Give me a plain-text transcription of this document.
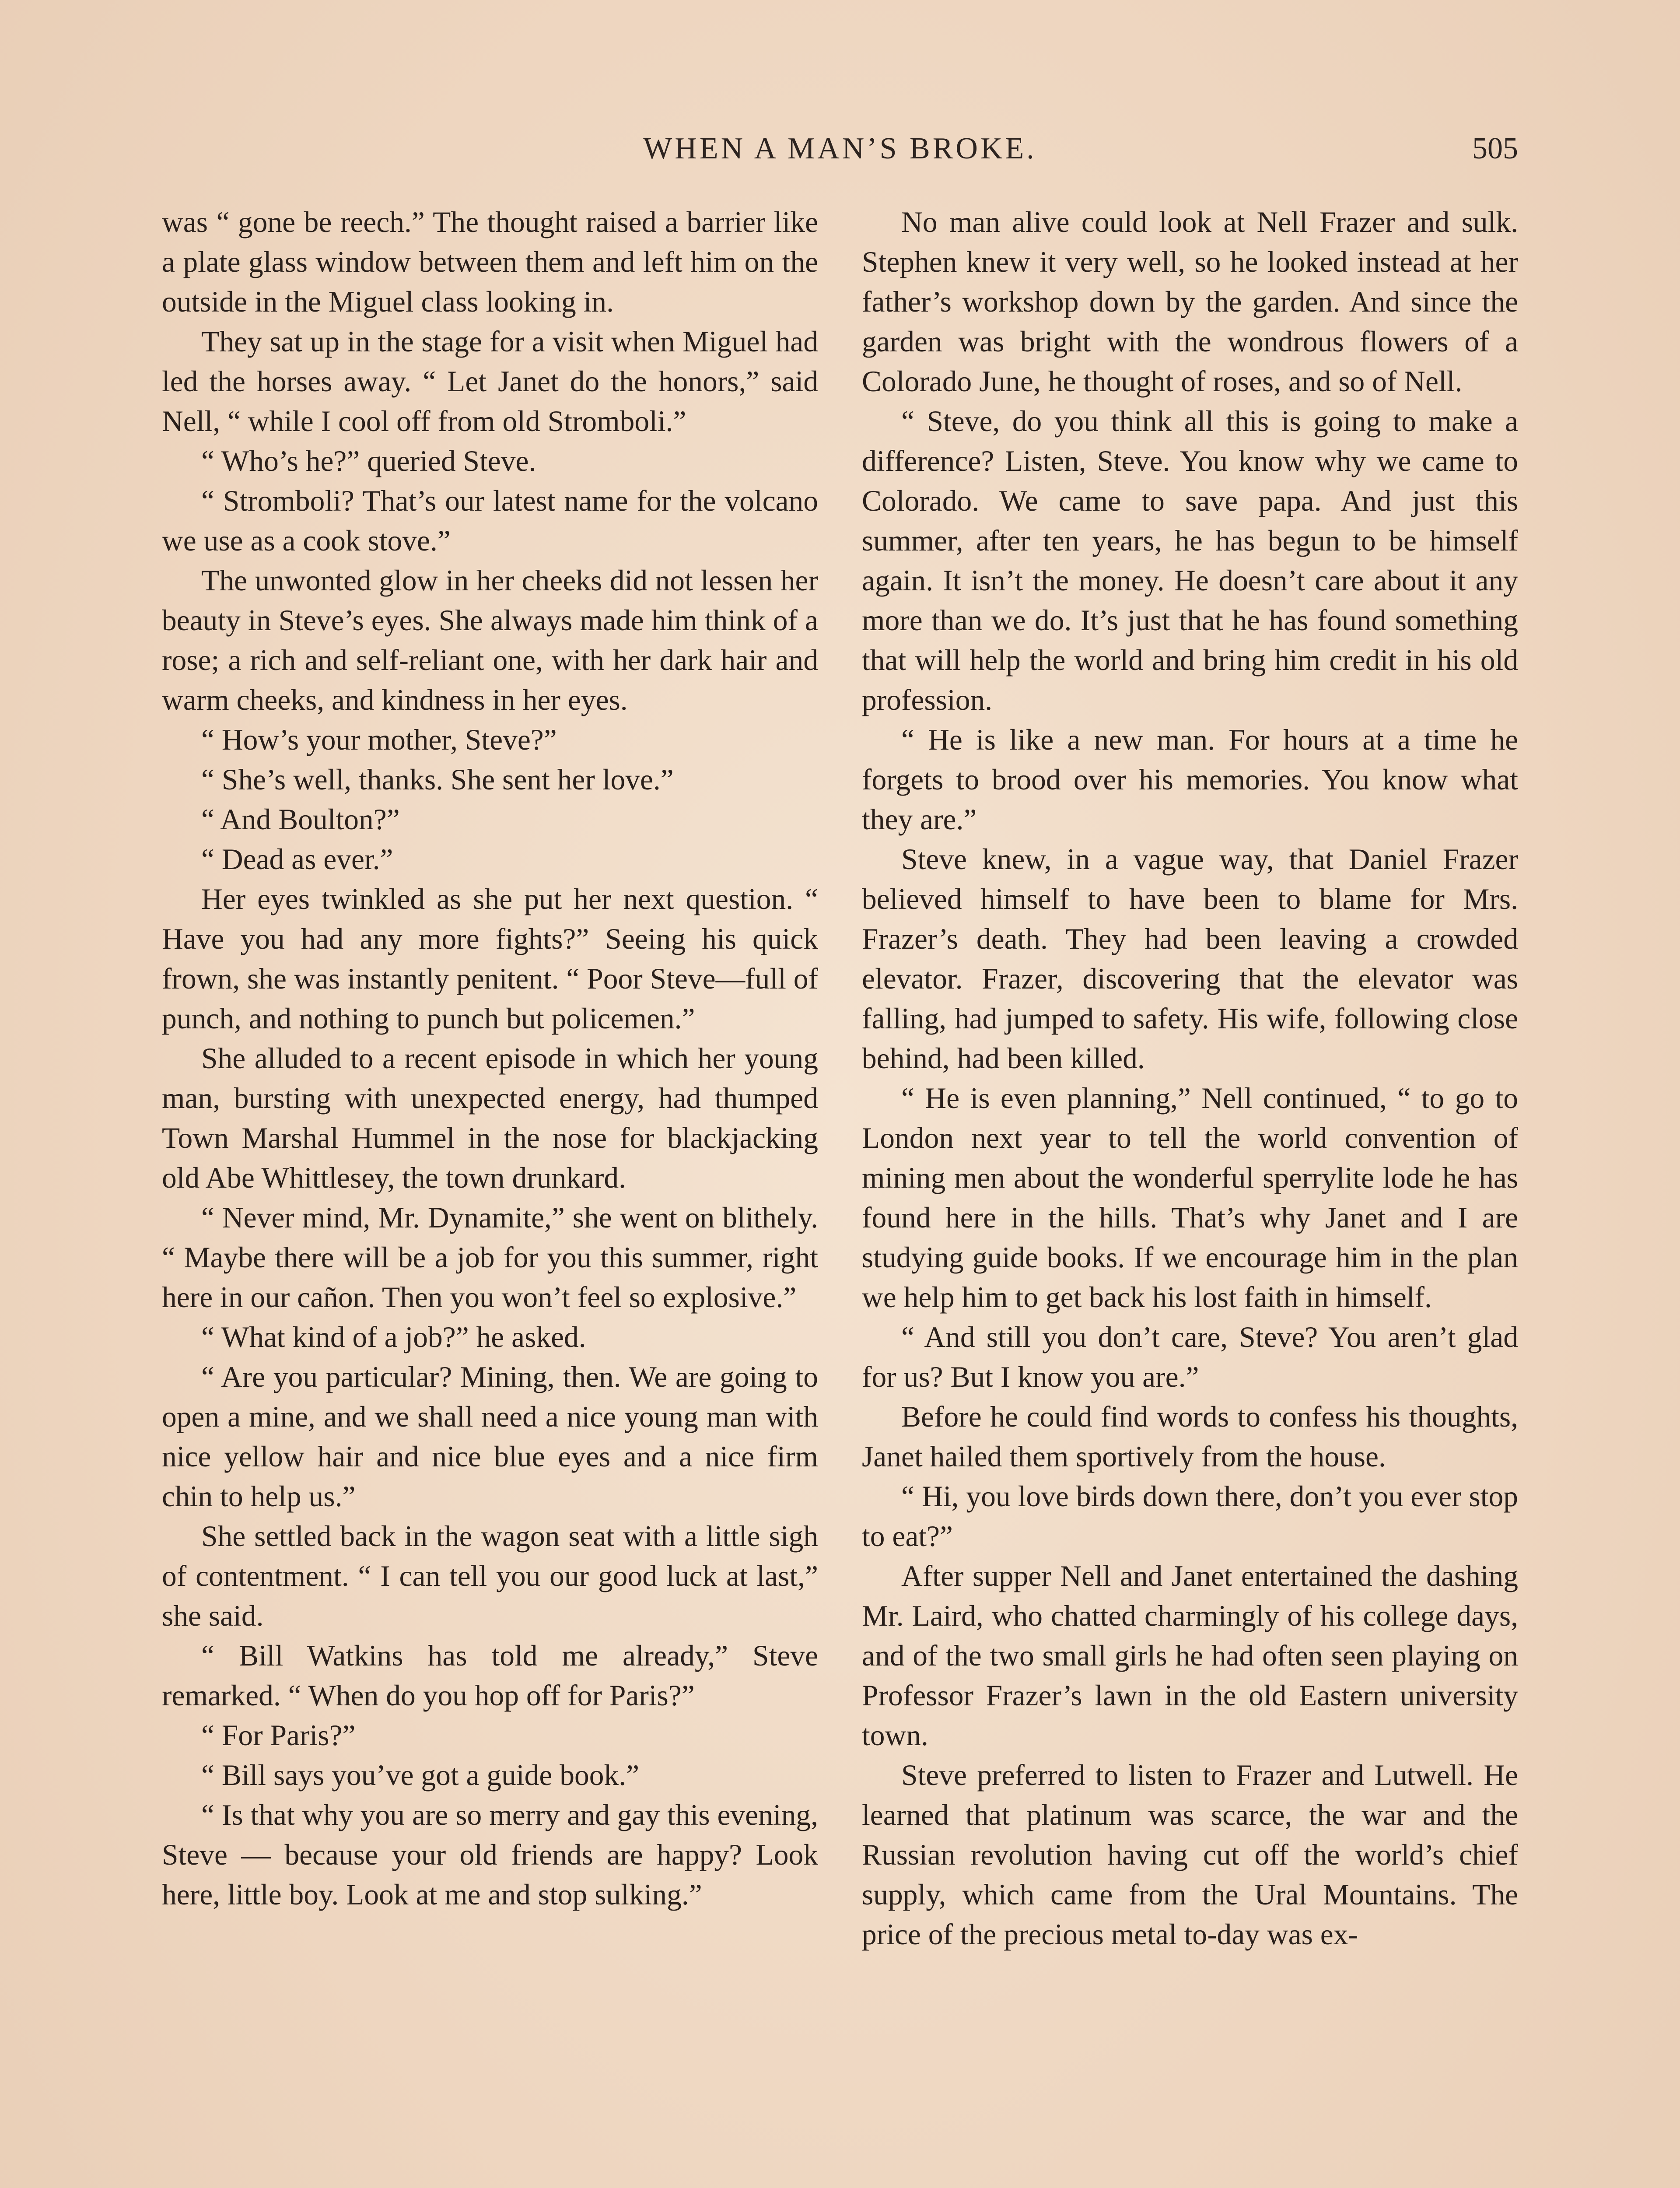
WHEN A MAN’S BROKE.	505

was “ gone be reech.” The thought raised a barrier like a plate glass window between them and left him on the outside in the Miguel class looking in.

They sat up in the stage for a visit when Miguel had led the horses away. “ Let Janet do the honors,” said Nell, “ while I cool off from old Stromboli.”

“ Who’s he?” queried Steve.

“ Stromboli? That’s our latest name for the volcano we use as a cook stove.”

The unwonted glow in her cheeks did not lessen her beauty in Steve’s eyes. She always made him think of a rose; a rich and self-reliant one, with her dark hair and warm cheeks, and kindness in her eyes.

“ How’s your mother, Steve?”

“ She’s well, thanks. She sent her love.”

“ And Boulton?”

“ Dead as ever.”

Her eyes twinkled as she put her next question. “ Have you had any more fights?” Seeing his quick frown, she was instantly penitent. “ Poor Steve—full of punch, and nothing to punch but policemen.”

She alluded to a recent episode in which her young man, bursting with unexpected energy, had thumped Town Marshal Hummel in the nose for blackjacking old Abe Whittlesey, the town drunkard.

“ Never mind, Mr. Dynamite,” she went on blithely. “ Maybe there will be a job for you this summer, right here in our cañon. Then you won’t feel so explosive.”

“ What kind of a job?” he asked.

“ Are you particular? Mining, then. We are going to open a mine, and we shall need a nice young man with nice yellow hair and nice blue eyes and a nice firm chin to help us.”

She settled back in the wagon seat with a little sigh of contentment. “ I can tell you our good luck at last,” she said.

“ Bill Watkins has told me already,” Steve remarked. “ When do you hop off for Paris?”

“ For Paris?”

“ Bill says you’ve got a guide book.”

“ Is that why you are so merry and gay this evening, Steve — because your old friends are happy? Look here, little boy. Look at me and stop sulking.”

No man alive could look at Nell Frazer and sulk. Stephen knew it very well, so he looked instead at her father’s workshop down by the garden. And since the garden was bright with the wondrous flowers of a Colorado June, he thought of roses, and so of Nell.

“ Steve, do you think all this is going to make a difference? Listen, Steve. You know why we came to Colorado. We came to save papa. And just this summer, after ten years, he has begun to be himself again. It isn’t the money. He doesn’t care about it any more than we do. It’s just that he has found something that will help the world and bring him credit in his old profession.

“ He is like a new man. For hours at a time he forgets to brood over his memories. You know what they are.”

Steve knew, in a vague way, that Daniel Frazer believed himself to have been to blame for Mrs. Frazer’s death. They had been leaving a crowded elevator. Frazer, discovering that the elevator was falling, had jumped to safety. His wife, following close behind, had been killed.

“ He is even planning,” Nell continued, “ to go to London next year to tell the world convention of mining men about the wonderful sperrylite lode he has found here in the hills. That’s why Janet and I are studying guide books. If we encourage him in the plan we help him to get back his lost faith in himself.

“ And still you don’t care, Steve? You aren’t glad for us? But I know you are.”

Before he could find words to confess his thoughts, Janet hailed them sportively from the house.

“ Hi, you love birds down there, don’t you ever stop to eat?”

After supper Nell and Janet entertained the dashing Mr. Laird, who chatted charmingly of his college days, and of the two small girls he had often seen playing on Professor Frazer’s lawn in the old Eastern university town.

Steve preferred to listen to Frazer and Lutwell. He learned that platinum was scarce, the war and the Russian revolution having cut off the world’s chief supply, which came from the Ural Mountains. The price of the precious metal to-day was ex-
